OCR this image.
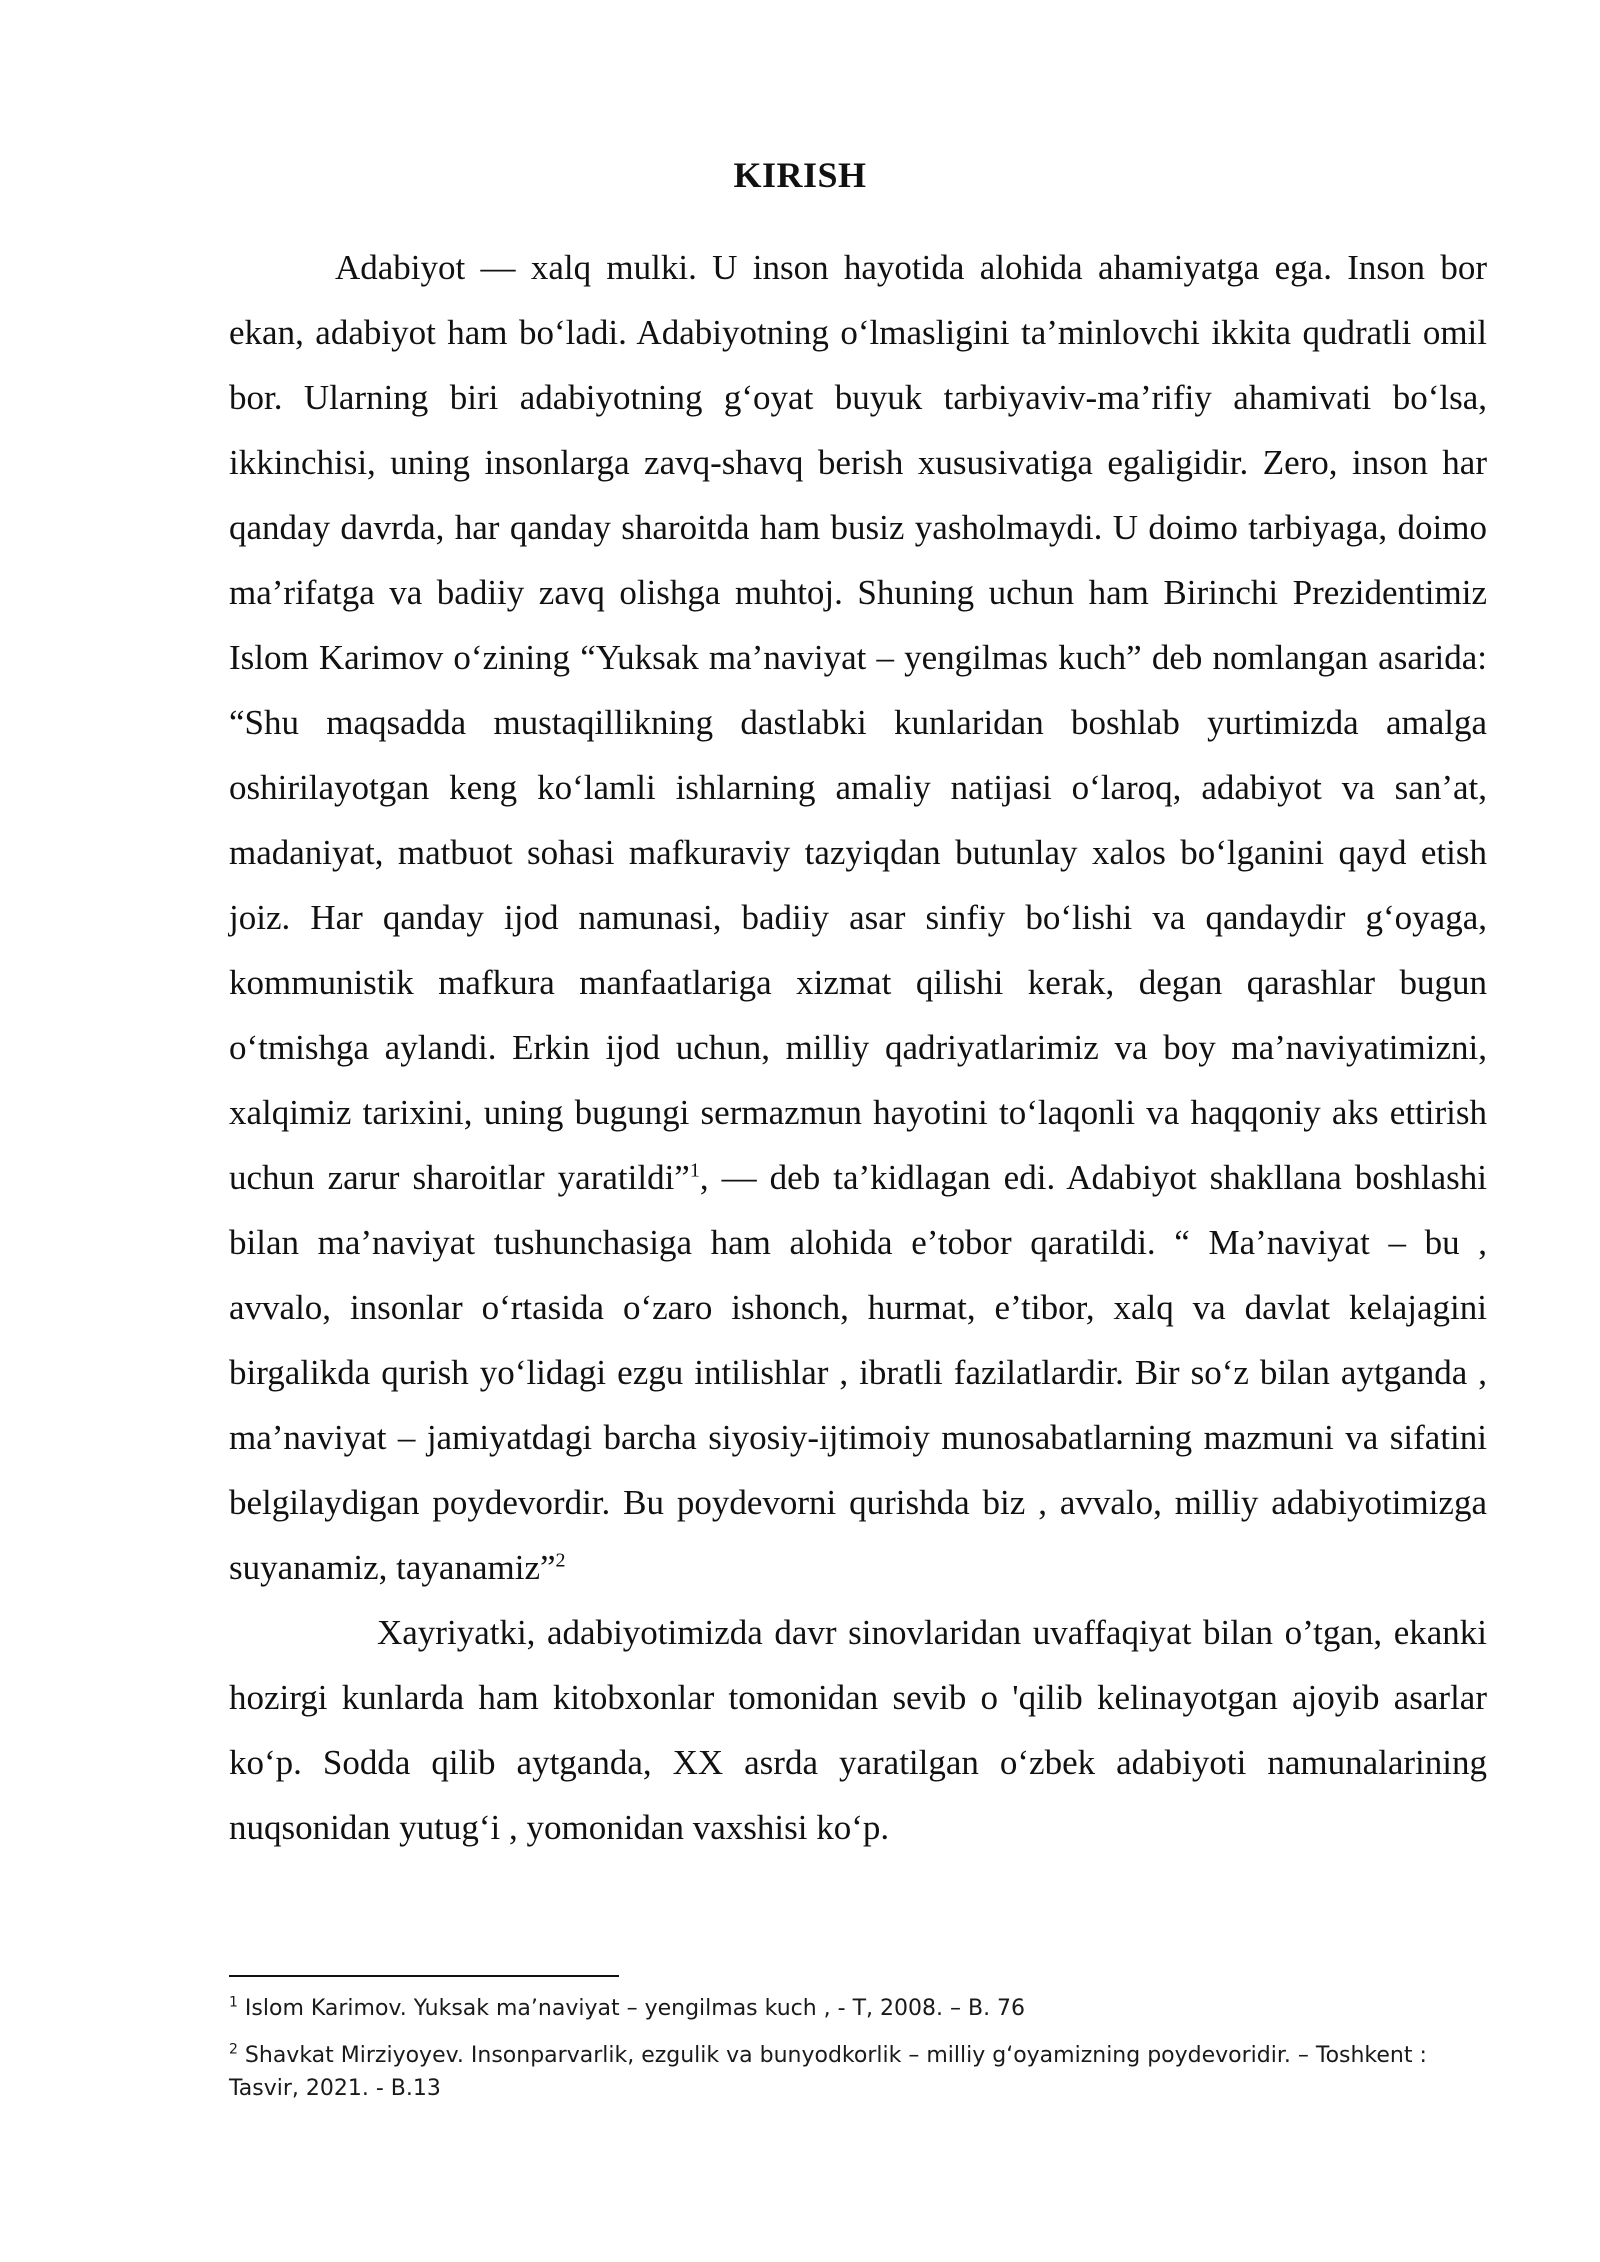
KIRISH

Adabiyot — xalq mulki. U inson hayotida alohida ahamiyatga ega. Inson bor ekan, adabiyot ham bo‘ladi. Adabiyotning o‘lmasligini ta’minlovchi ikkita qudratli omil bor. Ularning biri adabiyotning g‘oyat buyuk tarbiyaviv-ma’rifiy ahamivati bo‘lsa, ikkinchisi, uning insonlarga zavq-shavq berish xususivatiga egaligidir. Zero, inson har qanday davrda, har qanday sharoitda ham busiz yasholmaydi. U doimo tarbiyaga, doimo ma’rifatga va badiiy zavq olishga muhtoj. Shuning uchun ham Birinchi Prezidentimiz Islom Karimov o‘zining “Yuksak ma’naviyat – yengilmas kuch” deb nomlangan asarida: “Shu maqsadda mustaqillikning dastlabki kunlaridan boshlab yurtimizda amalga oshirilayotgan keng ko‘lamli ishlarning amaliy natijasi o‘laroq, adabiyot va san’at, madaniyat, matbuot sohasi mafkuraviy tazyiqdan butunlay xalos bo‘lganini qayd etish joiz. Har qanday ijod namunasi, badiiy asar sinfiy bo‘lishi va qandaydir g‘oyaga, kommunistik mafkura manfaatlariga xizmat qilishi kerak, degan qarashlar bugun o‘tmishga aylandi. Erkin ijod uchun, milliy qadriyatlarimiz va boy ma’naviyatimizni, xalqimiz tarixini, uning bugungi sermazmun hayotini to‘laqonli va haqqoniy aks ettirish uchun zarur sharoitlar yaratildi”$^1$, — deb ta’kidlagan edi. Adabiyot shakllana boshlashi bilan ma’naviyat tushunchasiga ham alohida e’tobor qaratildi. “ Ma’naviyat – bu , avvalo, insonlar o‘rtasida o‘zaro ishonch, hurmat, e’tibor, xalq va davlat kelajagini birgalikda qurish yo‘lidagi ezgu intilishlar , ibratli fazilatlardir. Bir so‘z bilan aytganda , ma’naviyat – jamiyatdagi barcha siyosiy-ijtimoiy munosabatlarning mazmuni va sifatini belgilaydigan poydevordir. Bu poydevorni qurishda biz , avvalo, milliy adabiyotimizga suyanamiz, tayanamiz”$^2$

Xayriyatki, adabiyotimizda davr sinovlaridan uvaffaqiyat bilan o’tgan, ekanki hozirgi kunlarda ham kitobxonlar tomonidan sevib o 'qilib kelinayotgan ajoyib asarlar ko‘p. Sodda qilib aytganda, XX asrda yaratilgan o‘zbek adabiyoti namunalarining nuqsonidan yutug‘i , yomonidan vaxshisi ko‘p.

$^1$ Islom Karimov. Yuksak ma’naviyat – yengilmas kuch , - T, 2008. – B. 76

$^2$ Shavkat Mirziyoyev. Insonparvarlik, ezgulik va bunyodkorlik – milliy g‘oyamizning poydevoridir. – Toshkent : Tasvir, 2021. - B.13
